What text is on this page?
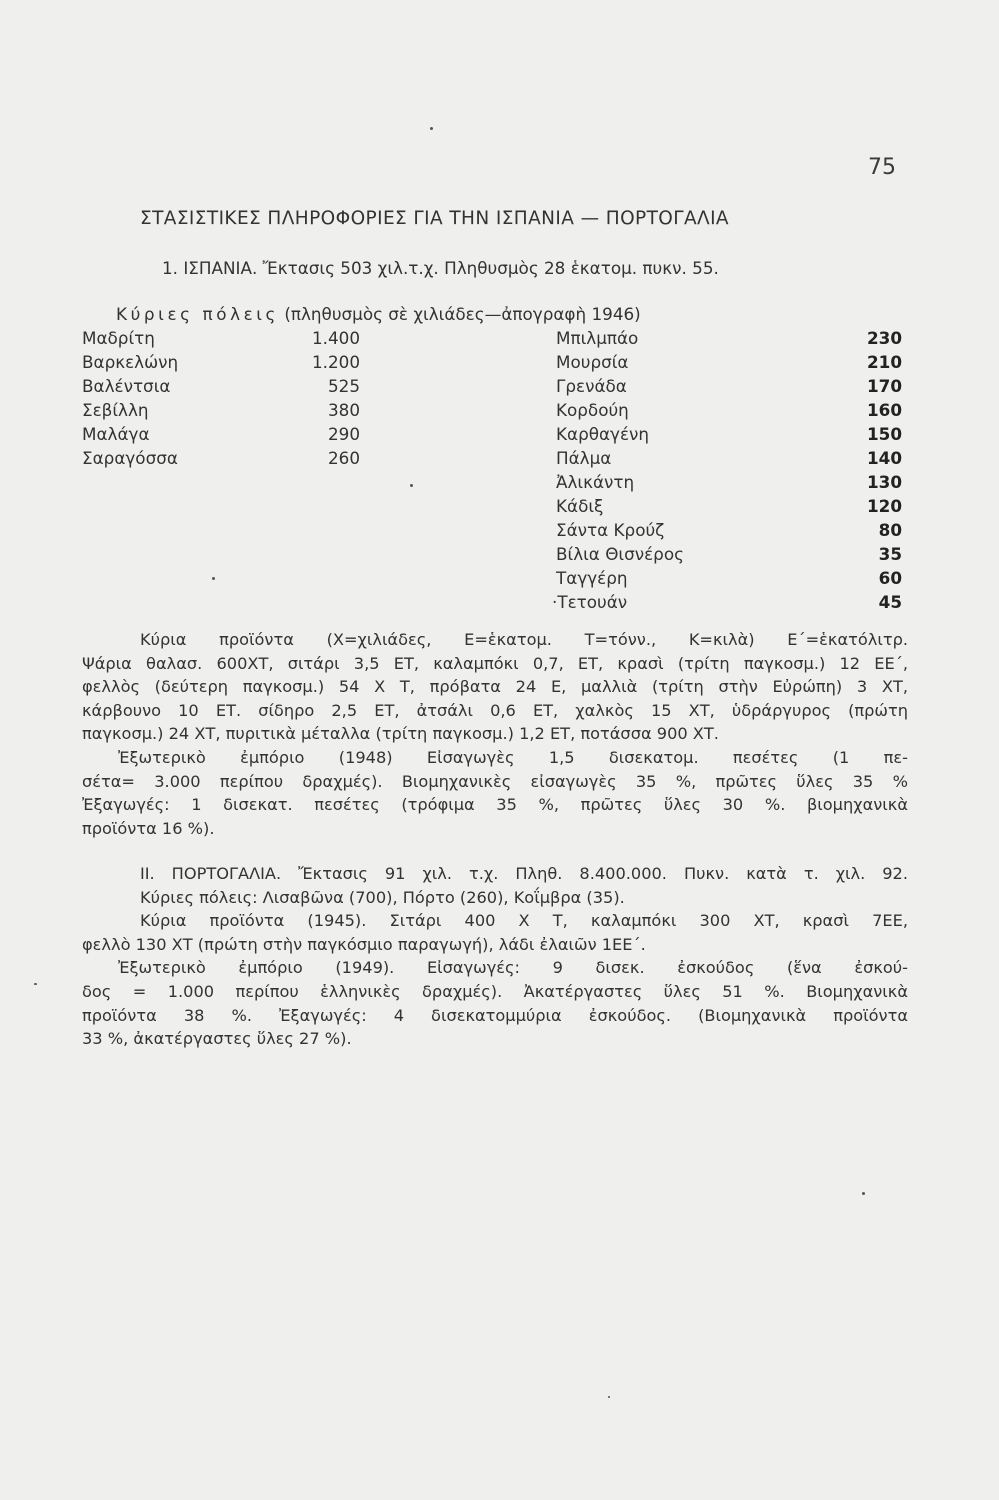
75
ΣΤΑΣΙΣΤΙΚΕΣ ΠΛΗΡΟΦΟΡΙΕΣ ΓΙΑ ΤΗΝ ΙΣΠΑΝΙΑ — ΠΟΡΤΟΓΑΛΙΑ
1. ΙΣΠΑΝΙΑ. Ἔκτασις 503 χιλ.τ.χ. Πληθυσμὸς 28 ἑκατομ. πυκν. 55.
Κύριες πόλεις (πληθυσμὸς σὲ χιλιάδες—ἀπογραφὴ 1946)
Μαδρίτη	1.400
Βαρκελώνη	1.200
Βαλέντσια	525
Σεβίλλη	380
Μαλάγα	290
Σαραγόσσα	260
Μπιλμπάο	230
Μουρσία	210
Γρενάδα	170
Κορδούη	160
Καρθαγένη	150
Πάλμα	140
Ἀλικάντη	130
Κάδιξ	120
Σάντα Κρούζ	80
Βίλια Θισνέρος	35
Ταγγέρη	60
·Τετουάν	45
Κύρια προϊόντα (Χ=χιλιάδες, Ε=ἑκατομ. Τ=τόνν., Κ=κιλὰ) Ε΄=ἑκατόλιτρ.
Ψάρια θαλασ. 600ΧΤ, σιτάρι 3,5 ΕΤ, καλαμπόκι 0,7, ΕΤ, κρασὶ (τρίτη παγκοσμ.) 12 ΕΕ΄,
φελλὸς (δεύτερη παγκοσμ.) 54 Χ Τ, πρόβατα 24 Ε, μαλλιὰ (τρίτη στὴν Εὐρώπη) 3 ΧΤ,
κάρβουνο 10 ΕΤ. σίδηρο 2,5 ΕΤ, ἀτσάλι 0,6 ΕΤ, χαλκὸς 15 ΧΤ, ὑδράργυρος (πρώτη
παγκοσμ.) 24 ΧΤ, πυριτικὰ μέταλλα (τρίτη παγκοσμ.) 1,2 ΕΤ, ποτάσσα 900 ΧΤ.
Ἐξωτερικὸ ἐμπόριο (1948) Εἰσαγωγὲς 1,5 δισεκατομ. πεσέτες (1 πε-
σέτα= 3.000 περίπου δραχμές). Βιομηχανικὲς εἰσαγωγὲς 35 %, πρῶτες ὕλες 35 %
Ἐξαγωγές: 1 δισεκατ. πεσέτες (τρόφιμα 35 %, πρῶτες ὕλες 30 %. βιομηχανικὰ
προϊόντα 16 %).
ΙΙ. ΠΟΡΤΟΓΑΛΙΑ. Ἔκτασις 91 χιλ. τ.χ. Πληθ. 8.400.000. Πυκν. κατὰ τ. χιλ. 92.
Κύριες πόλεις: Λισαβῶνα (700), Πόρτο (260), Κοΐμβρα (35).
Κύρια προϊόντα (1945). Σιτάρι 400 Χ Τ, καλαμπόκι 300 ΧΤ, κρασὶ 7ΕΕ,
φελλὸ 130 ΧΤ (πρώτη στὴν παγκόσμιο παραγωγή), λάδι ἐλαιῶν 1ΕΕ΄.
Ἐξωτερικὸ ἐμπόριο (1949). Εἰσαγωγές: 9 δισεκ. ἐσκούδος (ἕνα ἐσκού-
δος = 1.000 περίπου ἑλληνικὲς δραχμές). Ἀκατέργαστες ὕλες 51 %. Βιομηχανικὰ
προϊόντα 38 %. Ἐξαγωγές: 4 δισεκατομμύρια ἐσκούδος. (Βιομηχανικὰ προϊόντα
33 %, ἀκατέργαστες ὕλες 27 %).
